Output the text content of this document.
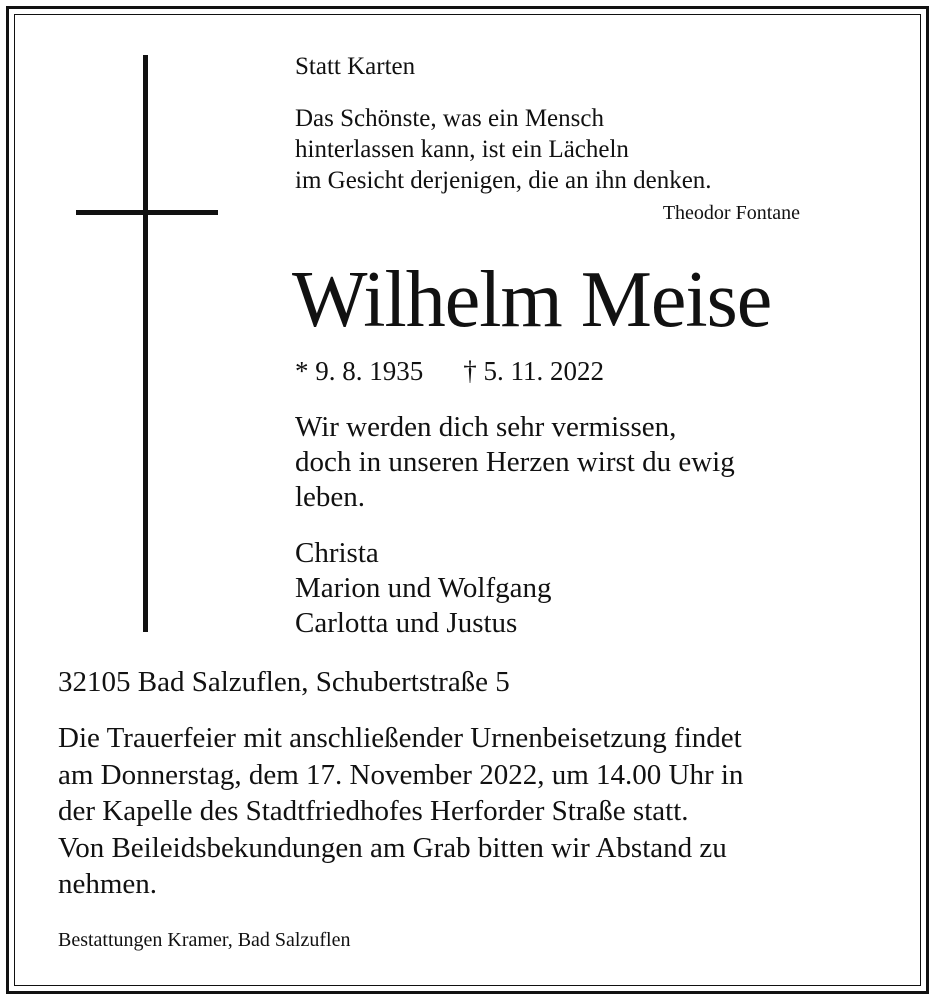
Statt Karten
Das Schönste, was ein Mensch
hinterlassen kann, ist ein Lächeln
im Gesicht derjenigen, die an ihn denken.
Theodor Fontane
Wilhelm Meise
* 9. 8. 1935 † 5. 11. 2022
Wir werden dich sehr vermissen,
doch in unseren Herzen wirst du ewig
leben.
Christa
Marion und Wolfgang
Carlotta und Justus
32105 Bad Salzuflen, Schubertstraße 5
Die Trauerfeier mit anschließender Urnenbeisetzung findet
am Donnerstag, dem 17. November 2022, um 14.00 Uhr in
der Kapelle des Stadtfriedhofes Herforder Straße statt.
Von Beileidsbekundungen am Grab bitten wir Abstand zu
nehmen.
Bestattungen Kramer, Bad Salzuflen
